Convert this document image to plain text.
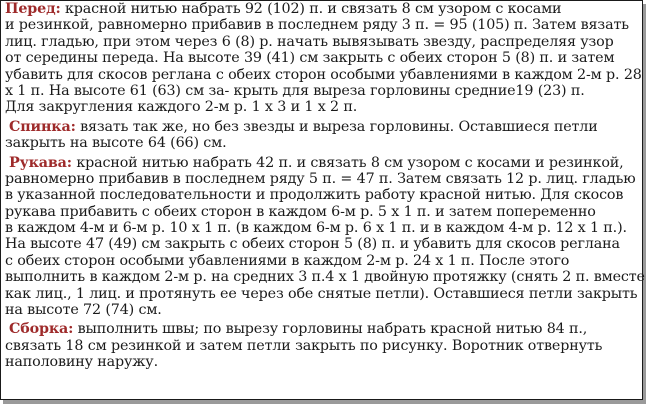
Перед: красной нитью набрать 92 (102) п. и связать 8 см узором с косами
и резинкой, равномерно прибавив в последнем ряду 3 п. = 95 (105) п. Затем вязать
лиц. гладью, при этом через 6 (8) р. начать вывязывать звезду, распределяя узор
от середины переда. На высоте 39 (41) см закрыть с обеих сторон 5 (8) п. и затем
убавить для скосов реглана с обеих сторон особыми убавлениями в каждом 2-м р. 28
х 1 п. На высоте 61 (63) см за- крыть для выреза горловины средние19 (23) п.
Для закругления каждого 2-м р. 1 х 3 и 1 х 2 п.
Спинка: вязать так же, но без звезды и выреза горловины. Оставшиеся петли
закрыть на высоте 64 (66) см.
Рукава: красной нитью набрать 42 п. и связать 8 см узором с косами и резинкой,
равномерно прибавив в последнем ряду 5 п. = 47 п. Затем связать 12 р. лиц. гладью
в указанной последовательности и продолжить работу красной нитью. Для скосов
рукава прибавить с обеих сторон в каждом 6-м р. 5 х 1 п. и затем попеременно
в каждом 4-м и 6-м р. 10 х 1 п. (в каждом 6-м р. 6 х 1 п. и в каждом 4-м р. 12 х 1 п.).
На высоте 47 (49) см закрыть с обеих сторон 5 (8) п. и убавить для скосов реглана
с обеих сторон особыми убавлениями в каждом 2-м р. 24 х 1 п. После этого
выполнить в каждом 2-м р. на средних 3 п.4 х 1 двойную протяжку (снять 2 п. вместе
как лиц., 1 лиц. и протянуть ее через обе снятые петли). Оставшиеся петли закрыть
на высоте 72 (74) см.
Сборка: выполнить швы; по вырезу горловины набрать красной нитью 84 п.,
связать 18 см резинкой и затем петли закрыть по рисунку. Воротник отвернуть
наполовину наружу.
